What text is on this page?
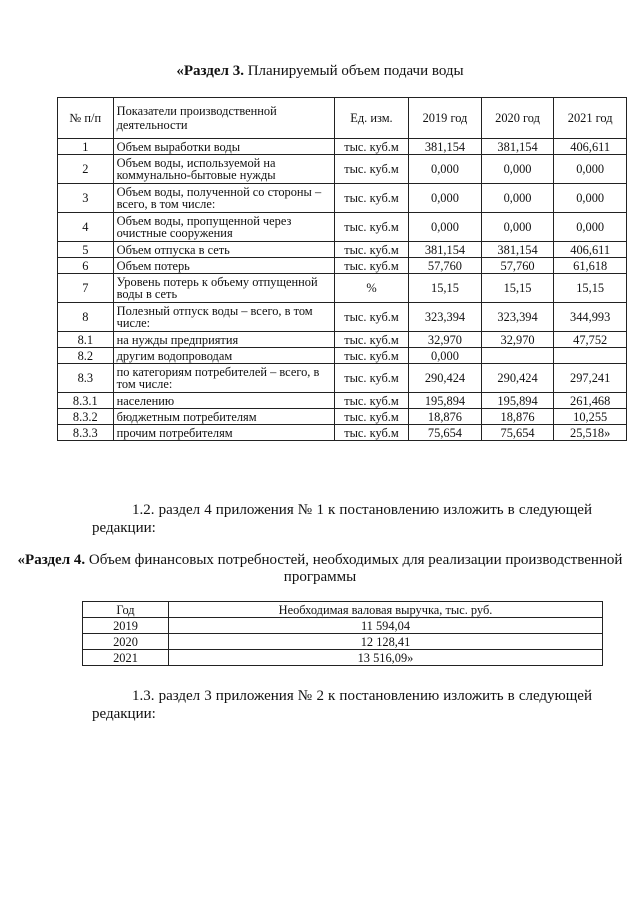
«Раздел 3. Планируемый объем подачи воды
№ п/п	Показатели производственной деятельности	Ед. изм.	2019 год	2020 год	2021 год
1	Объем выработки воды	тыс. куб.м	381,154	381,154	406,611
2	Объем воды, используемой на коммунально-бытовые нужды	тыс. куб.м	0,000	0,000	0,000
3	Объем воды, полученной со стороны – всего, в том числе:	тыс. куб.м	0,000	0,000	0,000
4	Объем воды, пропущенной через очистные сооружения	тыс. куб.м	0,000	0,000	0,000
5	Объем отпуска в сеть	тыс. куб.м	381,154	381,154	406,611
6	Объем потерь	тыс. куб.м	57,760	57,760	61,618
7	Уровень потерь к объему отпущенной воды в сеть	%	15,15	15,15	15,15
8	Полезный отпуск воды – всего, в том числе:	тыс. куб.м	323,394	323,394	344,993
8.1	на нужды предприятия	тыс. куб.м	32,970	32,970	47,752
8.2	другим водопроводам	тыс. куб.м	0,000		
8.3	по категориям потребителей – всего, в том числе:	тыс. куб.м	290,424	290,424	297,241
8.3.1	населению	тыс. куб.м	195,894	195,894	261,468
8.3.2	бюджетным потребителям	тыс. куб.м	18,876	18,876	10,255
8.3.3	прочим потребителям	тыс. куб.м	75,654	75,654	25,518»
1.2. раздел 4 приложения № 1 к постановлению изложить в следующей редакции:
«Раздел 4. Объем финансовых потребностей, необходимых для реализации производственной программы
Год	Необходимая валовая выручка, тыс. руб.
2019	11 594,04
2020	12 128,41
2021	13 516,09»
1.3. раздел 3 приложения № 2 к постановлению изложить в следующей редакции:
